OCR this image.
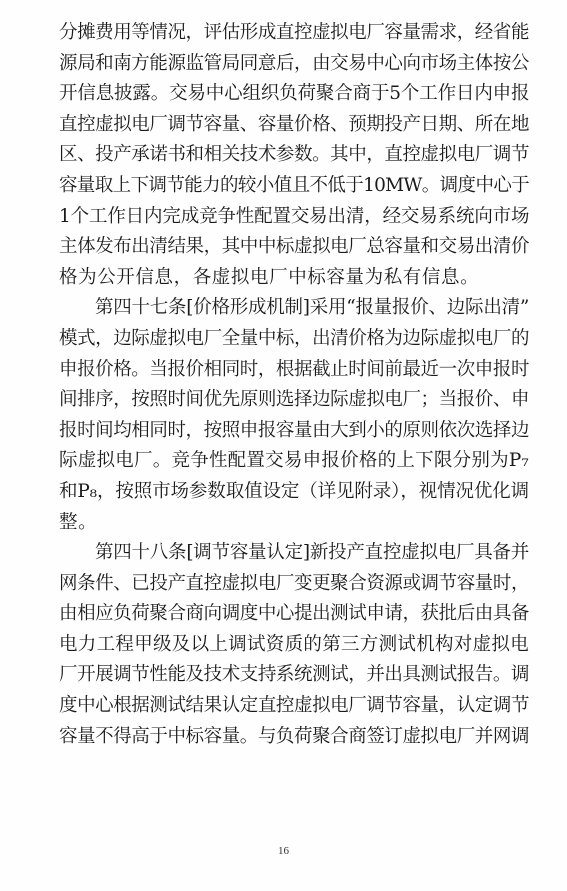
分摊费用等情况，评估形成直控虚拟电厂容量需求，经省能
源局和南方能源监管局同意后，由交易中心向市场主体按公
开信息披露。交易中心组织负荷聚合商于5个工作日内申报
直控虚拟电厂调节容量、容量价格、预期投产日期、所在地
区、投产承诺书和相关技术参数。其中，直控虚拟电厂调节
容量取上下调节能力的较小值且不低于10MW。调度中心于
1个工作日内完成竞争性配置交易出清，经交易系统向市场
主体发布出清结果，其中中标虚拟电厂总容量和交易出清价
格为公开信息，各虚拟电厂中标容量为私有信息。
第四十七条[价格形成机制]采用“报量报价、边际出清”
模式，边际虚拟电厂全量中标，出清价格为边际虚拟电厂的
申报价格。当报价相同时，根据截止时间前最近一次申报时
间排序，按照时间优先原则选择边际虚拟电厂；当报价、申
报时间均相同时，按照申报容量由大到小的原则依次选择边
际虚拟电厂。竞争性配置交易申报价格的上下限分别为P₇
和P₈，按照市场参数取值设定（详见附录），视情况优化调
整。
第四十八条[调节容量认定]新投产直控虚拟电厂具备并
网条件、已投产直控虚拟电厂变更聚合资源或调节容量时，
由相应负荷聚合商向调度中心提出测试申请，获批后由具备
电力工程甲级及以上调试资质的第三方测试机构对虚拟电
厂开展调节性能及技术支持系统测试，并出具测试报告。调
度中心根据测试结果认定直控虚拟电厂调节容量，认定调节
容量不得高于中标容量。与负荷聚合商签订虚拟电厂并网调
16
